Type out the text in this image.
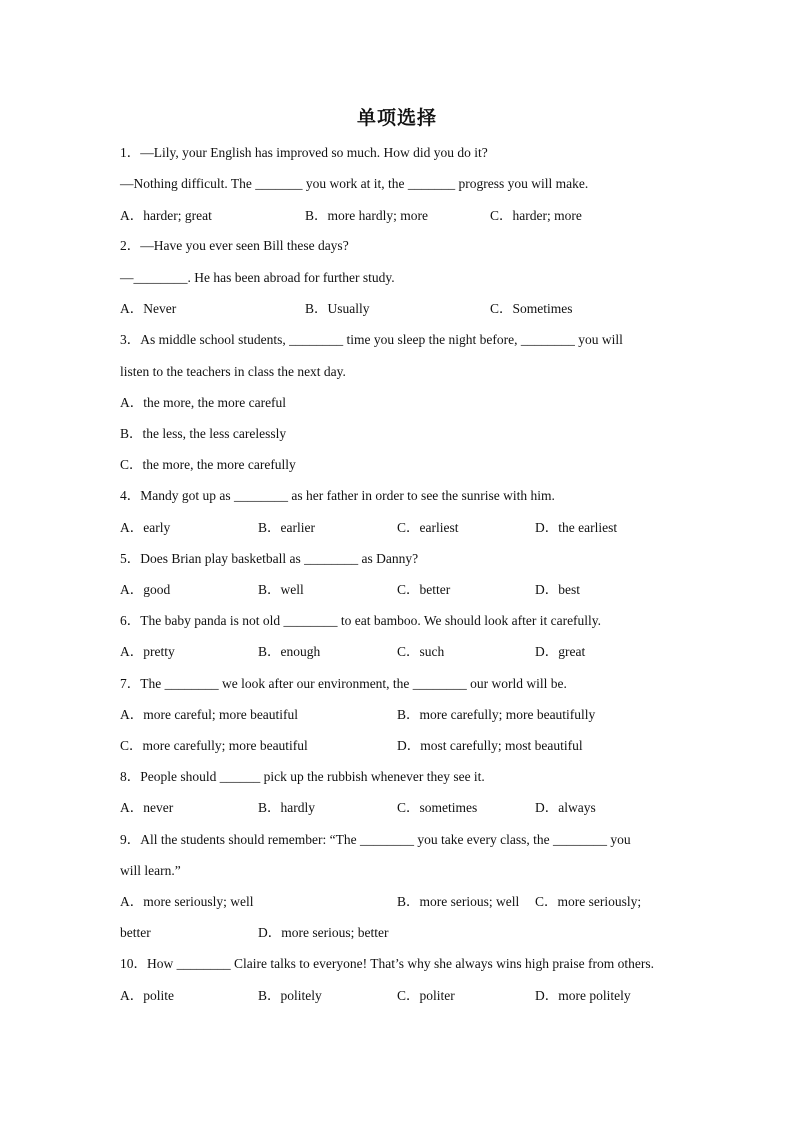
单项选择
1．—Lily, your English has improved so much. How did you do it?
—Nothing difficult. The _______ you work at it, the _______ progress you will make.
A．harder; great	B．more hardly; more	C．harder; more
2．—Have you ever seen Bill these days?
—________. He has been abroad for further study.
A．Never	B．Usually	C．Sometimes
3．As middle school students, ________ time you sleep the night before, ________ you will
listen to the teachers in class the next day.
A．the more, the more careful
B．the less, the less carelessly
C．the more, the more carefully
4．Mandy got up as ________ as her father in order to see the sunrise with him.
A．early	B．earlier	C．earliest	D．the earliest
5．Does Brian play basketball as ________ as Danny?
A．good	B．well	C．better	D．best
6．The baby panda is not old ________ to eat bamboo. We should look after it carefully.
A．pretty	B．enough	C．such	D．great
7．The ________ we look after our environment, the ________ our world will be.
A．more careful; more beautiful	B．more carefully; more beautifully
C．more carefully; more beautiful	D．most carefully; most beautiful
8．People should ______ pick up the rubbish whenever they see it.
A．never	B．hardly	C．sometimes	D．always
9．All the students should remember: “The ________ you take every class, the ________ you
will learn.”
A．more seriously; well	B．more serious; well C．more seriously;
better	D．more serious; better
10．How ________ Claire talks to everyone! That’s why she always wins high praise from others.
A．polite	B．politely	C．politer	D．more politely
